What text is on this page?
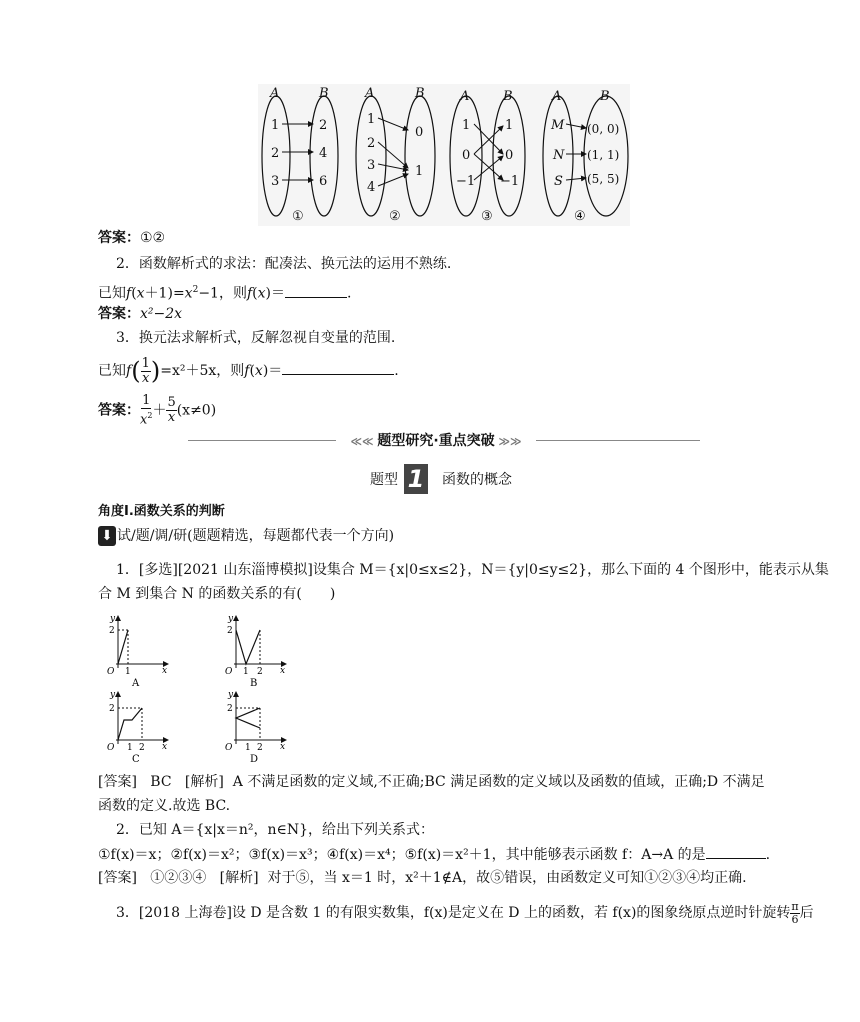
A	B	A	B	A	B	A	B
1
2
3
2
4
6
1
2
3
4
0
1
1
0
−1
1
0
−1
M
N
S
(0, 0)
(1, 1)
(5, 5)
①	②	③	④
答案：①②
2．函数解析式的求法：配凑法、换元法的运用不熟练.
已知$f(x+1)=x^2-1$，则f(x)＝	.
答案：x²−2x
3．换元法求解析式，反解忽视自变量的范围.
已知$f( \frac{1}{x} )=x^2+5x$，则f(x)＝	.
答案： $\frac{1}{x^2} + \frac{5}{x} (x\ne 0)$
≪≪ 题型研究·重点突破 ≫≫
题型 1 函数的概念
角度Ⅰ.函数关系的判断
⬇ 试/题/调/研(题题精选，每题都代表一个方向)
1．[多选][2021 山东淄博模拟]设集合 M＝{x|0≤x≤2}，N＝{y|0≤y≤2}，那么下面的 4 个图形中，能表示从集
合 M 到集合 N 的函数关系的有(　　)
y
x
O
2
1
A
y
x
O
2
1 2
B
y
x
O
2
1 2
C
y
x
O
2
1 2
D
[答案] BC [解析] A 不满足函数的定义域,不正确;BC 满足函数的定义域以及函数的值域，正确;D 不满足
函数的定义.故选 BC.
2．已知 A＝{x|x＝n²，n∈N}，给出下列关系式：
①f(x)＝x；②f(x)＝x²；③f(x)＝x³；④f(x)＝x⁴；⑤f(x)＝x²＋1，其中能够表示函数 f：A→A 的是	.
[答案] ①②③④ [解析] 对于⑤，当 x＝1 时，x²＋1∉A，故⑤错误，由函数定义可知①②③④均正确.
3．[2018 上海卷]设 D 是含数 1 的有限实数集，f(x)是定义在 D 上的函数，若 f(x)的图象绕原点逆时针旋转 $\frac{\pi}{6}$ 后
